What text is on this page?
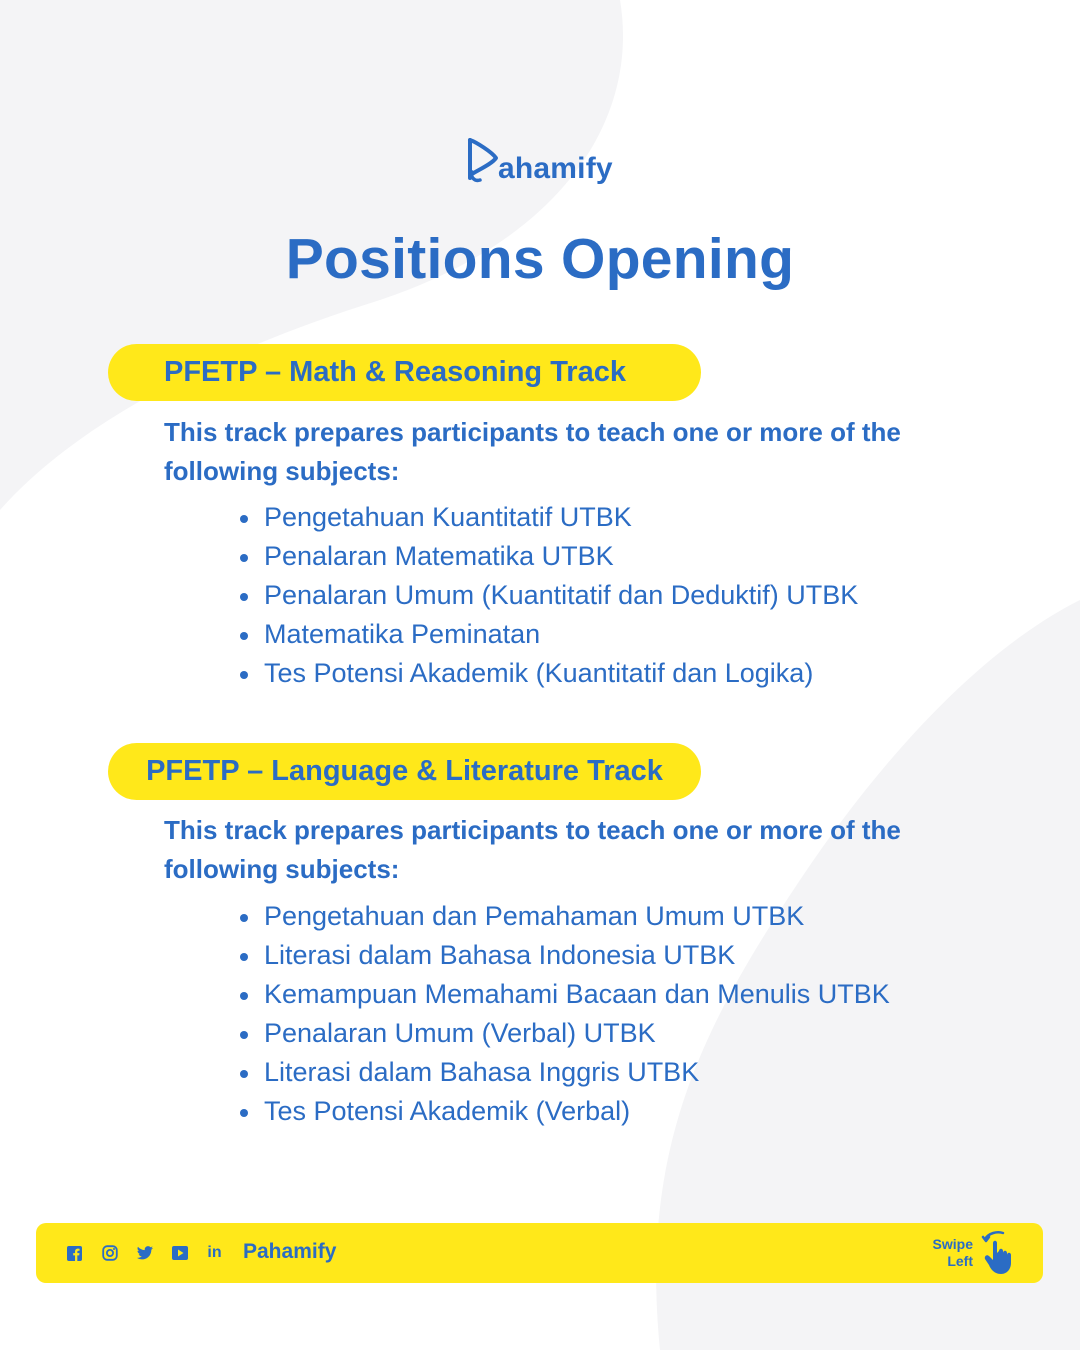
ahamify
Positions Opening
PFETP – Math & Reasoning Track

This track prepares participants to teach one or more of the following subjects:

Pengetahuan Kuantitatif UTBK
Penalaran Matematika UTBK
Penalaran Umum (Kuantitatif dan Deduktif) UTBK
Matematika Peminatan
Tes Potensi Akademik (Kuantitatif dan Logika)
PFETP – Language & Literature Track

This track prepares participants to teach one or more of the following subjects:

Pengetahuan dan Pemahaman Umum UTBK
Literasi dalam Bahasa Indonesia UTBK
Kemampuan Memahami Bacaan dan Menulis UTBK
Penalaran Umum (Verbal) UTBK
Literasi dalam Bahasa Inggris UTBK
Tes Potensi Akademik (Verbal)
in Pahamify	Swipe
Left
